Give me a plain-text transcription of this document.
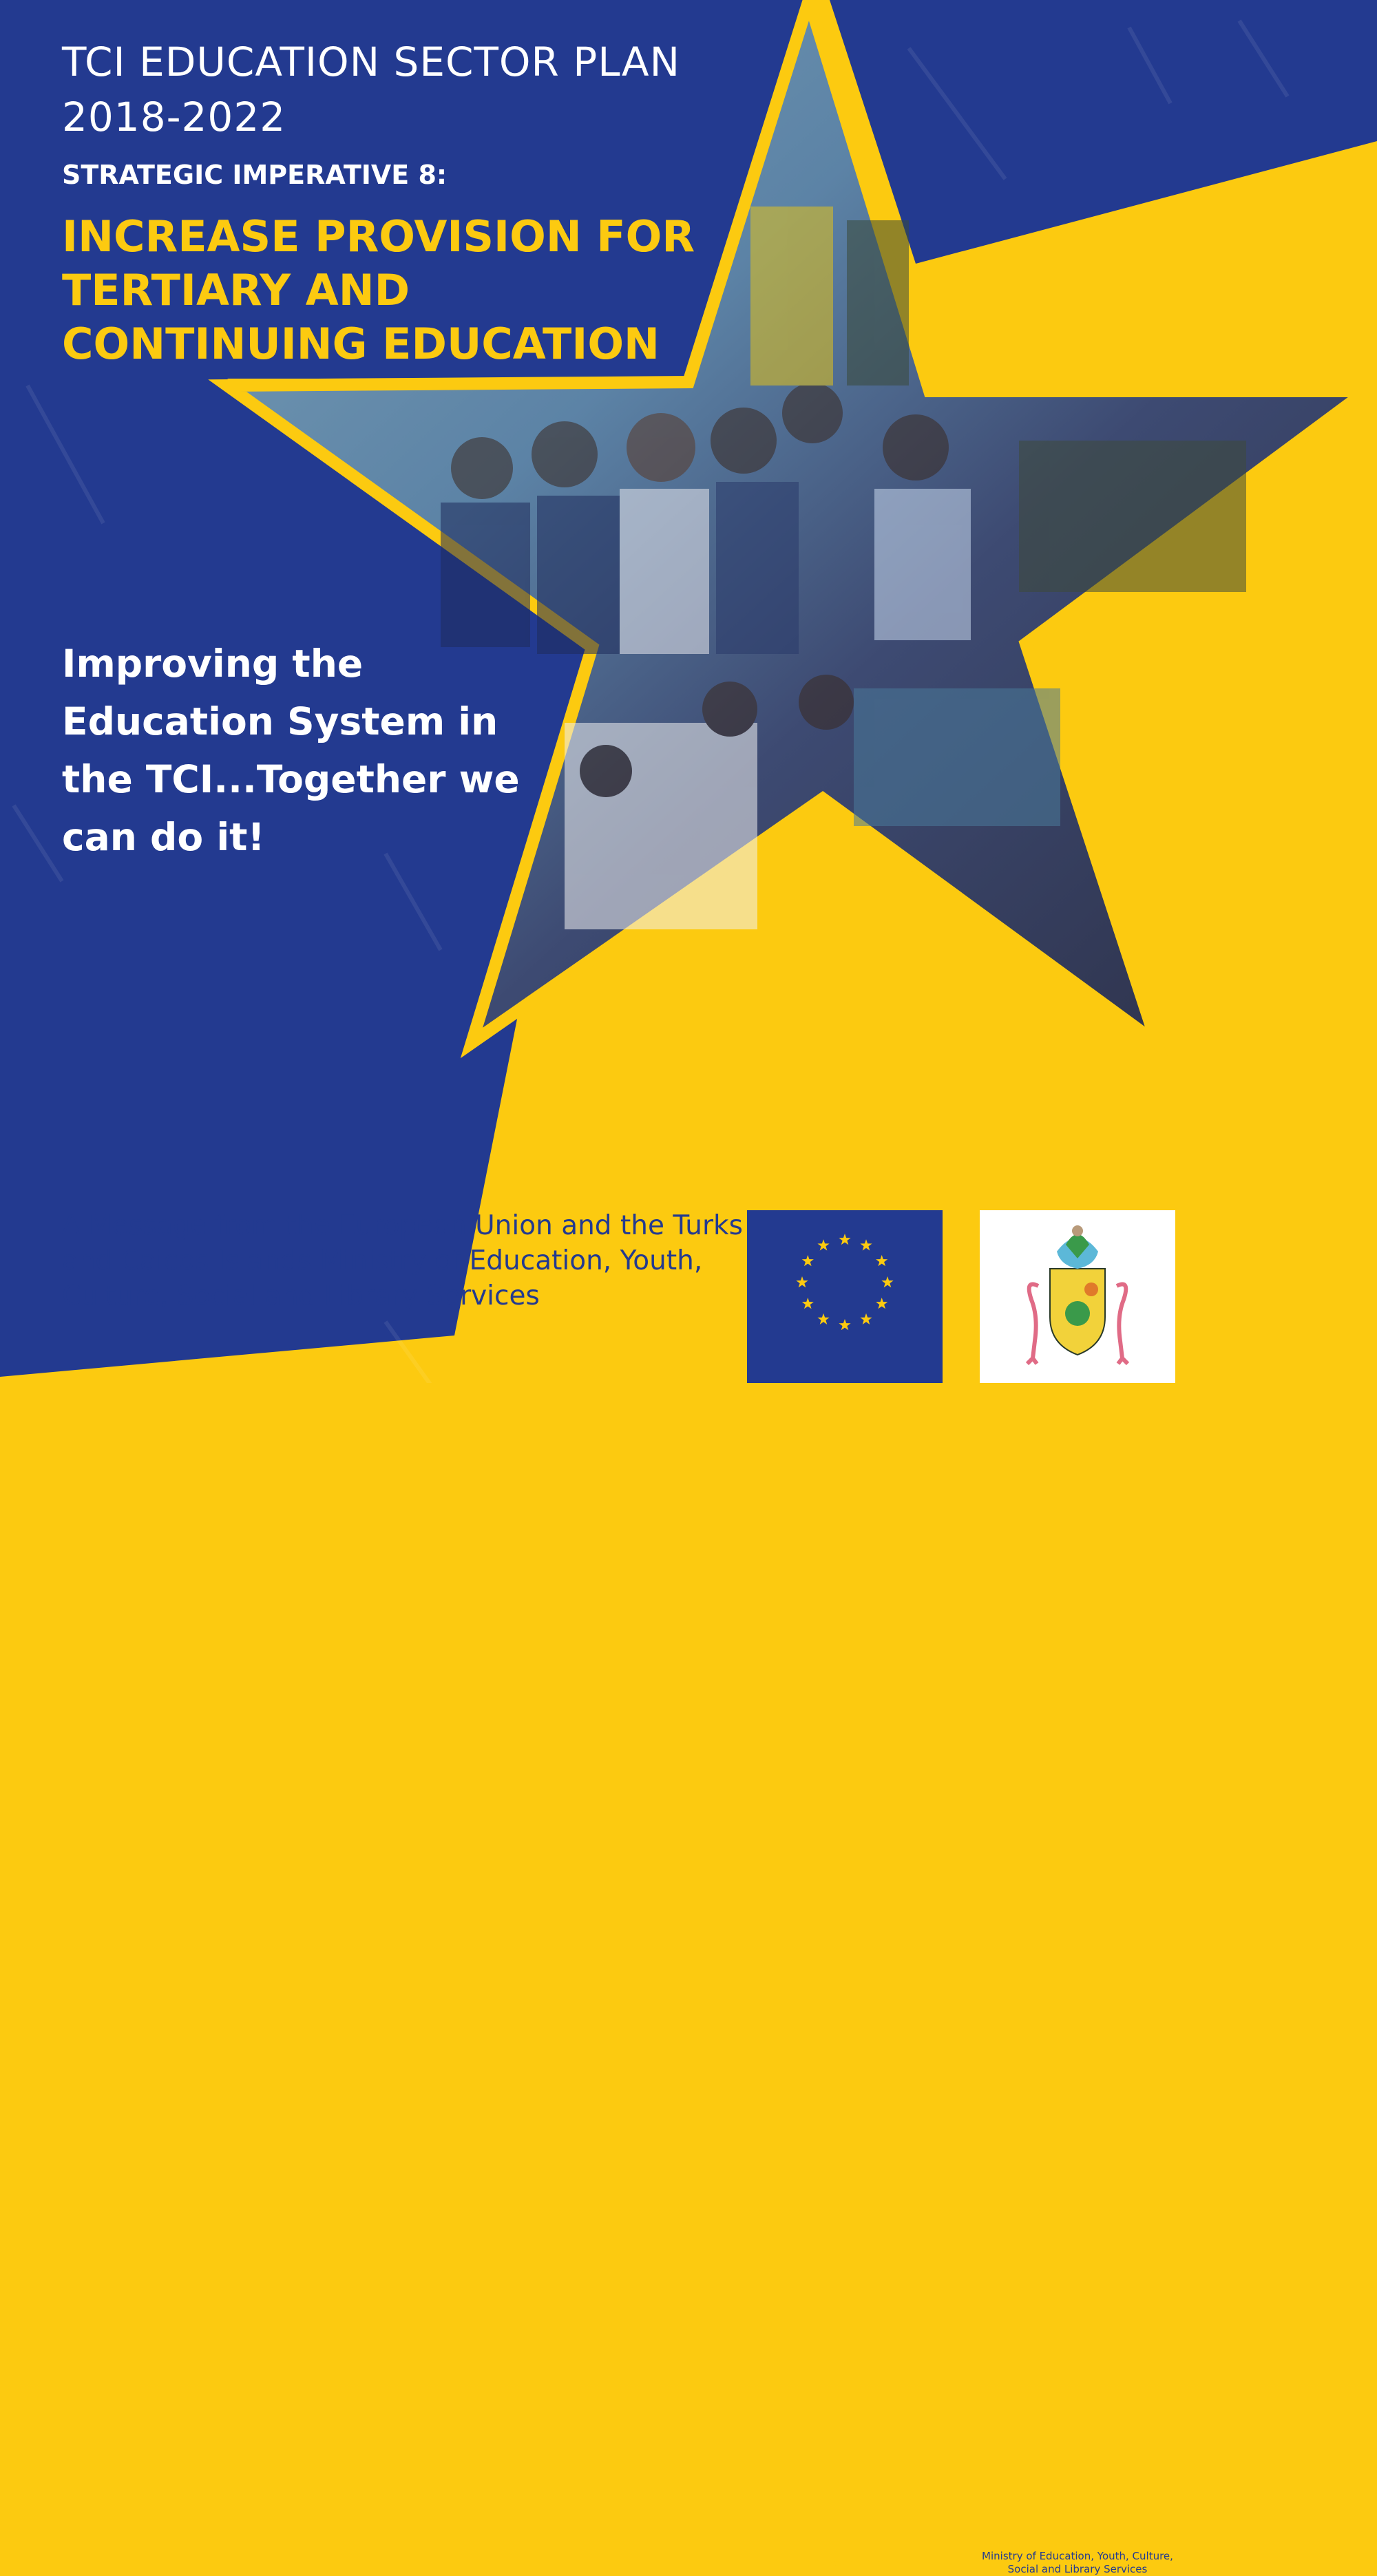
TCI EDUCATION SECTOR PLAN 2018-2022

STRATEGIC IMPERATIVE 8:

INCREASE PROVISION FOR TERTIARY AND CONTINUING EDUCATION

Improving the Education System in the TCI...Together we can do it!

A Message from the European Union and the Turks and Caicos Islands Ministry of Education, Youth, Culture, Social and Library Services

European Union	Ministry of Education, Youth, Culture, Social and Library Services
